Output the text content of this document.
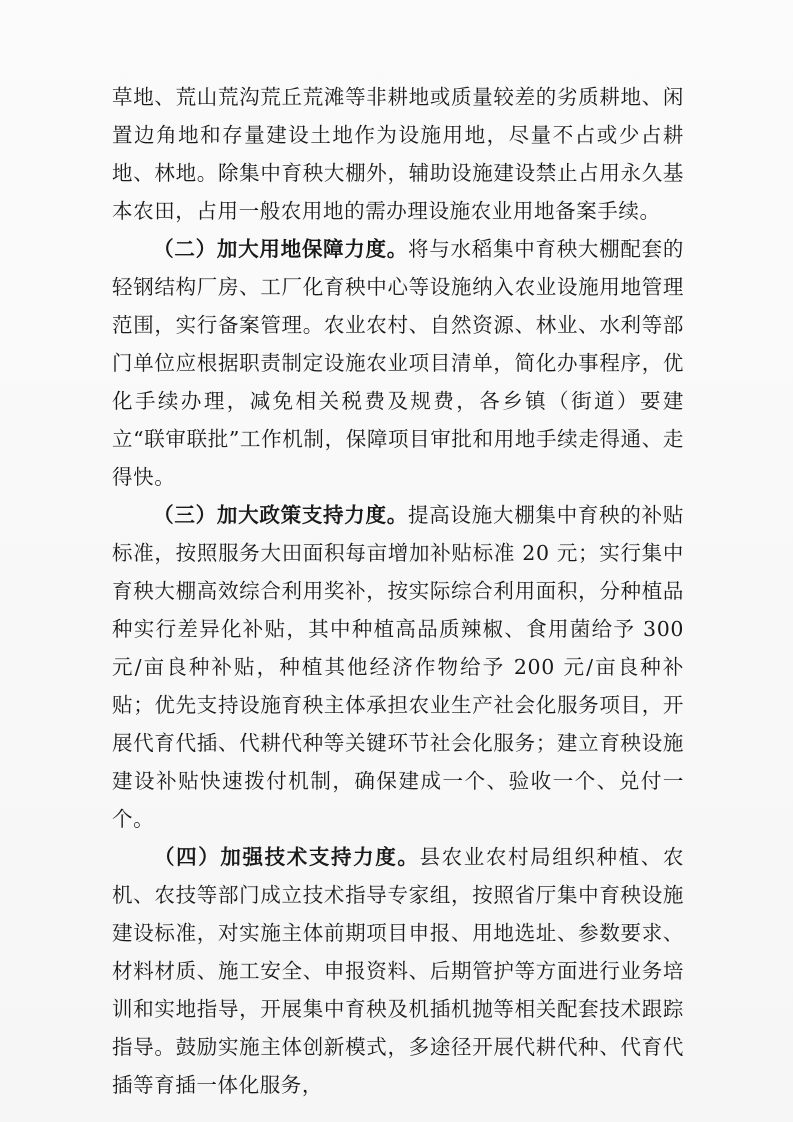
草地、荒山荒沟荒丘荒滩等非耕地或质量较差的劣质耕地、闲置边角地和存量建设土地作为设施用地，尽量不占或少占耕地、林地。除集中育秧大棚外，辅助设施建设禁止占用永久基本农田，占用一般农用地的需办理设施农业用地备案手续。

（二）加大用地保障力度。将与水稻集中育秧大棚配套的轻钢结构厂房、工厂化育秧中心等设施纳入农业设施用地管理范围，实行备案管理。农业农村、自然资源、林业、水利等部门单位应根据职责制定设施农业项目清单，简化办事程序，优化手续办理，减免相关税费及规费，各乡镇（街道）要建立“联审联批”工作机制，保障项目审批和用地手续走得通、走得快。

（三）加大政策支持力度。提高设施大棚集中育秧的补贴标准，按照服务大田面积每亩增加补贴标准 20 元；实行集中育秧大棚高效综合利用奖补，按实际综合利用面积，分种植品种实行差异化补贴，其中种植高品质辣椒、食用菌给予 300 元/亩良种补贴，种植其他经济作物给予 200 元/亩良种补贴；优先支持设施育秧主体承担农业生产社会化服务项目，开展代育代插、代耕代种等关键环节社会化服务；建立育秧设施建设补贴快速拨付机制，确保建成一个、验收一个、兑付一个。

（四）加强技术支持力度。县农业农村局组织种植、农机、农技等部门成立技术指导专家组，按照省厅集中育秧设施建设标准，对实施主体前期项目申报、用地选址、参数要求、材料材质、施工安全、申报资料、后期管护等方面进行业务培训和实地指导，开展集中育秧及机插机抛等相关配套技术跟踪指导。鼓励实施主体创新模式，多途径开展代耕代种、代育代插等育插一体化服务，
